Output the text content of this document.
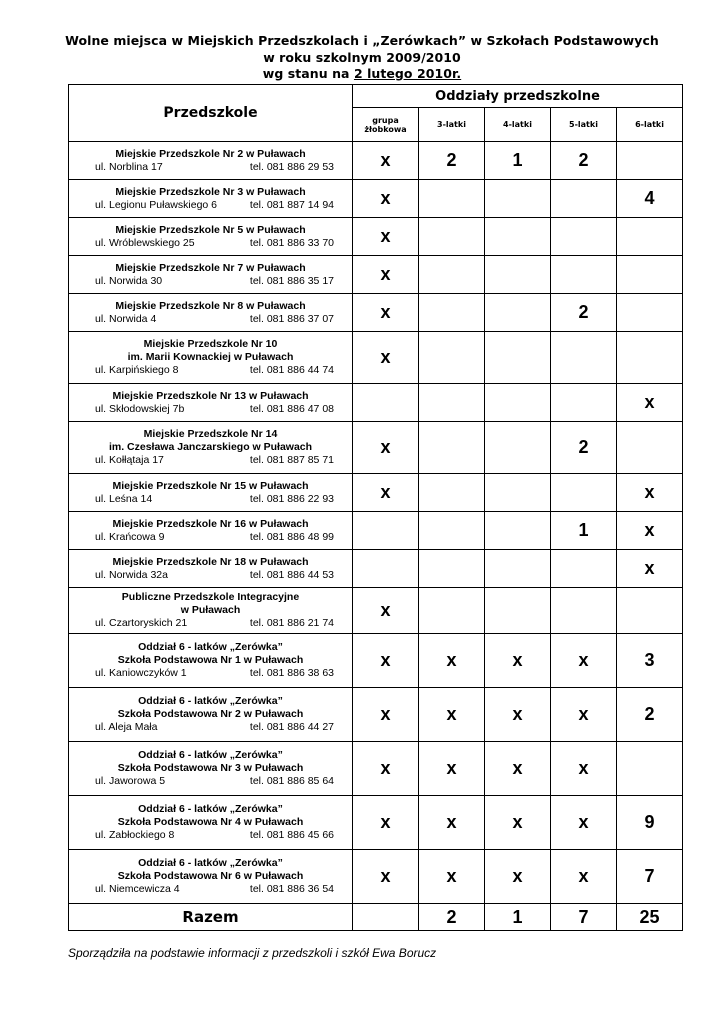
Wolne miejsca w Miejskich Przedszkolach i „Zerówkach” w Szkołach Podstawowych
w roku szkolnym 2009/2010
wg stanu na 2 lutego 2010r.
Przedszkole	Oddziały przedszkolne				
	grupa żłobkowa	3-latki	4-latki	5-latki	6-latki

Miejskie Przedszkole Nr 2 w Puławach
ul. Norblina 17 tel. 081 886 29 53	x	2	1	2	

Miejskie Przedszkole Nr 3 w Puławach
ul. Legionu Puławskiego 6 tel. 081 887 14 94	x				4

Miejskie Przedszkole Nr 5 w Puławach
ul. Wróblewskiego 25 tel. 081 886 33 70	x				

Miejskie Przedszkole Nr 7 w Puławach
ul. Norwida 30 tel. 081 886 35 17	x				

Miejskie Przedszkole Nr 8 w Puławach
ul. Norwida 4 tel. 081 886 37 07	x			2	

Miejskie Przedszkole Nr 10
im. Marii Kownackiej w Puławach
ul. Karpińskiego 8 tel. 081 886 44 74	x				

Miejskie Przedszkole Nr 13 w Puławach
ul. Skłodowskiej 7b tel. 081 886 47 08					x

Miejskie Przedszkole Nr 14
im. Czesława Janczarskiego w Puławach
ul. Kołłątaja 17 tel. 081 887 85 71	x			2	

Miejskie Przedszkole Nr 15 w Puławach
ul. Leśna 14 tel. 081 886 22 93	x				x

Miejskie Przedszkole Nr 16 w Puławach
ul. Krańcowa 9 tel. 081 886 48 99				1	x

Miejskie Przedszkole Nr 18 w Puławach
ul. Norwida 32a tel. 081 886 44 53					x

Publiczne Przedszkole Integracyjne
w Puławach
ul. Czartoryskich 21 tel. 081 886 21 74	x				

Oddział 6 - latków „Zerówka”
Szkoła Podstawowa Nr 1 w Puławach
ul. Kaniowczyków 1 tel. 081 886 38 63	x	x	x	x	3

Oddział 6 - latków „Zerówka”
Szkoła Podstawowa Nr 2 w Puławach
ul. Aleja Mała tel. 081 886 44 27	x	x	x	x	2

Oddział 6 - latków „Zerówka”
Szkoła Podstawowa Nr 3 w Puławach
ul. Jaworowa 5 tel. 081 886 85 64	x	x	x	x	

Oddział 6 - latków „Zerówka”
Szkoła Podstawowa Nr 4 w Puławach
ul. Zabłockiego 8 tel. 081 886 45 66	x	x	x	x	9

Oddział 6 - latków „Zerówka”
Szkoła Podstawowa Nr 6 w Puławach
ul. Niemcewicza 4 tel. 081 886 36 54	x	x	x	x	7
Razem		2	1	7	25
Sporządziła na podstawie informacji z przedszkoli i szkół Ewa Borucz
